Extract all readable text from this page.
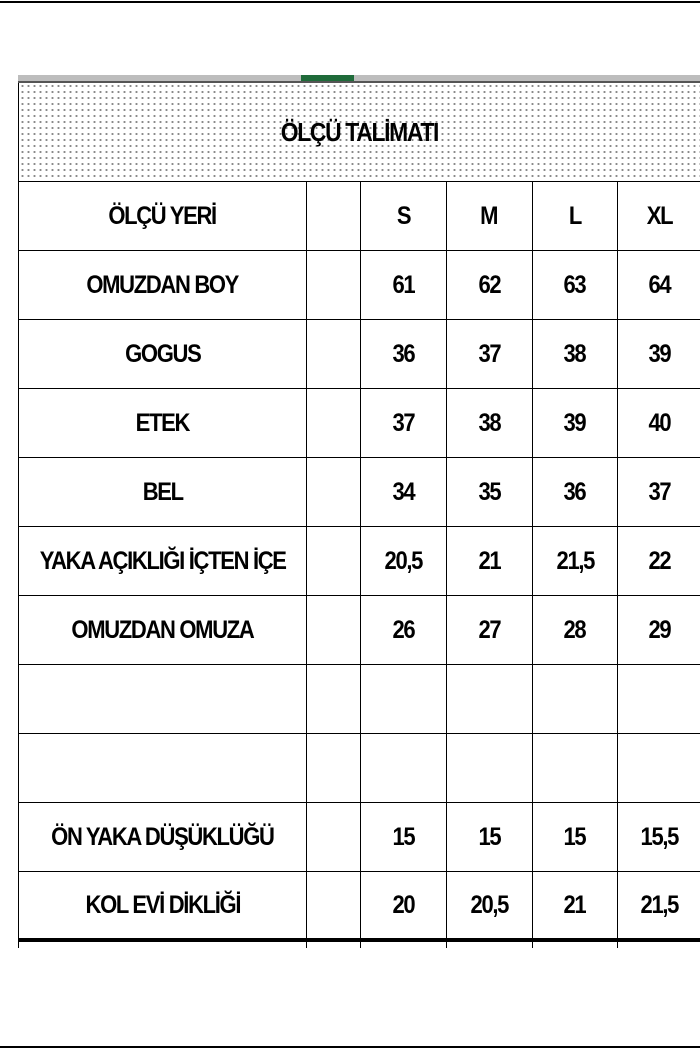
ÖLÇÜ TALİMATI					
ÖLÇÜ YERİ		S	M	L	XL
OMUZDAN BOY		61	62	63	64
GOGUS		36	37	38	39
ETEK		37	38	39	40
BEL		34	35	36	37
YAKA AÇIKLIĞI İÇTEN İÇE		20,5	21	21,5	22
OMUZDAN OMUZA		26	27	28	29

ÖN YAKA DÜŞÜKLÜĞÜ		15	15	15	15,5
KOL EVİ DİKLİĞİ		20	20,5	21	21,5
